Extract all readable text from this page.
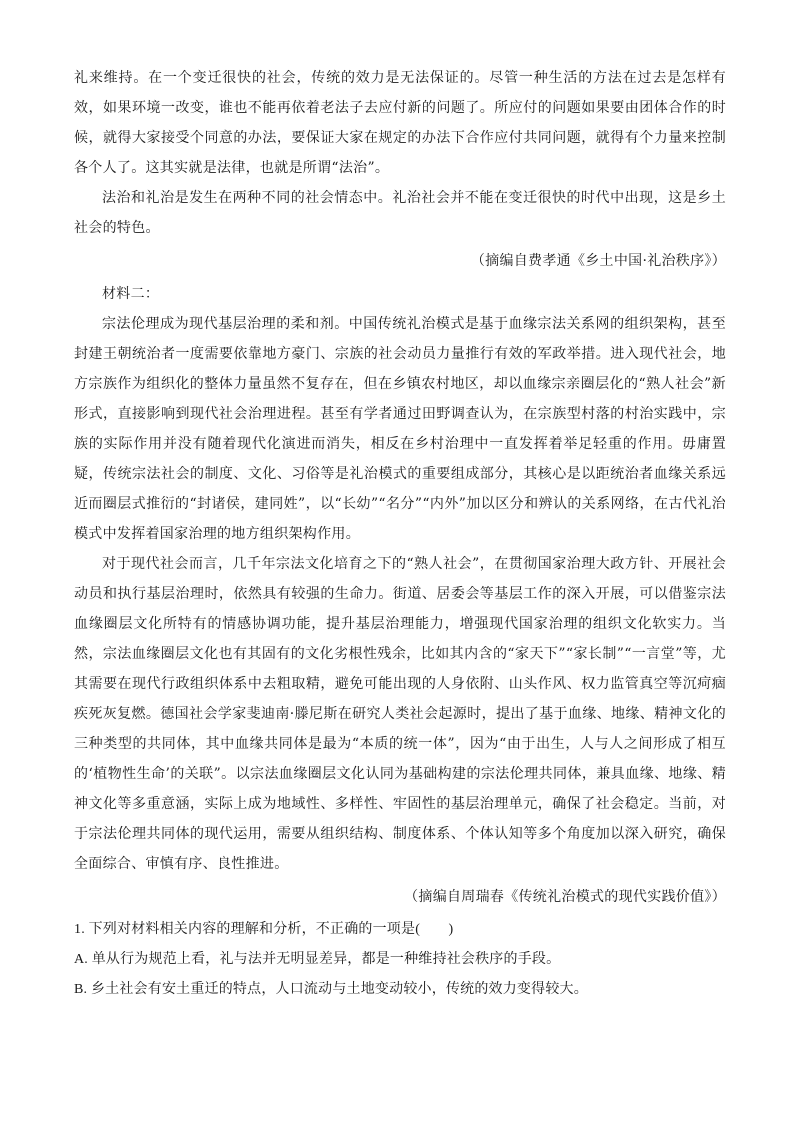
礼来维持。在一个变迁很快的社会，传统的效力是无法保证的。尽管一种生活的方法在过去是怎样有效，如果环境一改变，谁也不能再依着老法子去应付新的问题了。所应付的问题如果要由团体合作的时候，就得大家接受个同意的办法，要保证大家在规定的办法下合作应付共同问题，就得有个力量来控制各个人了。这其实就是法律，也就是所谓“法治”。

法治和礼治是发生在两种不同的社会情态中。礼治社会并不能在变迁很快的时代中出现，这是乡土社会的特色。

（摘编自费孝通《乡土中国·礼治秩序》）

材料二：

宗法伦理成为现代基层治理的柔和剂。中国传统礼治模式是基于血缘宗法关系网的组织架构，甚至封建王朝统治者一度需要依靠地方豪门、宗族的社会动员力量推行有效的军政举措。进入现代社会，地方宗族作为组织化的整体力量虽然不复存在，但在乡镇农村地区，却以血缘宗亲圈层化的“熟人社会”新形式，直接影响到现代社会治理进程。甚至有学者通过田野调查认为，在宗族型村落的村治实践中，宗族的实际作用并没有随着现代化演进而消失，相反在乡村治理中一直发挥着举足轻重的作用。毋庸置疑，传统宗法社会的制度、文化、习俗等是礼治模式的重要组成部分，其核心是以距统治者血缘关系远近而圈层式推衍的“封诸侯，建同姓”，以“长幼”“名分”“内外”加以区分和辨认的关系网络，在古代礼治模式中发挥着国家治理的地方组织架构作用。

对于现代社会而言，几千年宗法文化培育之下的“熟人社会”，在贯彻国家治理大政方针、开展社会动员和执行基层治理时，依然具有较强的生命力。街道、居委会等基层工作的深入开展，可以借鉴宗法血缘圈层文化所特有的情感协调功能，提升基层治理能力，增强现代国家治理的组织文化软实力。当然，宗法血缘圈层文化也有其固有的文化劣根性残余，比如其内含的“家天下”“家长制”“一言堂”等，尤其需要在现代行政组织体系中去粗取精，避免可能出现的人身依附、山头作风、权力监管真空等沉疴痼疾死灰复燃。德国社会学家斐迪南·滕尼斯在研究人类社会起源时，提出了基于血缘、地缘、精神文化的三种类型的共同体，其中血缘共同体是最为“本质的统一体”，因为“由于出生，人与人之间形成了相互的‘植物性生命’的关联”。以宗法血缘圈层文化认同为基础构建的宗法伦理共同体，兼具血缘、地缘、精神文化等多重意涵，实际上成为地域性、多样性、牢固性的基层治理单元，确保了社会稳定。当前，对于宗法伦理共同体的现代运用，需要从组织结构、制度体系、个体认知等多个角度加以深入研究，确保全面综合、审慎有序、良性推进。

（摘编自周瑞春《传统礼治模式的现代实践价值》）

1. 下列对材料相关内容的理解和分析，不正确的一项是(　　)

A. 单从行为规范上看，礼与法并无明显差异，都是一种维持社会秩序的手段。

B. 乡土社会有安土重迁的特点，人口流动与土地变动较小，传统的效力变得较大。
